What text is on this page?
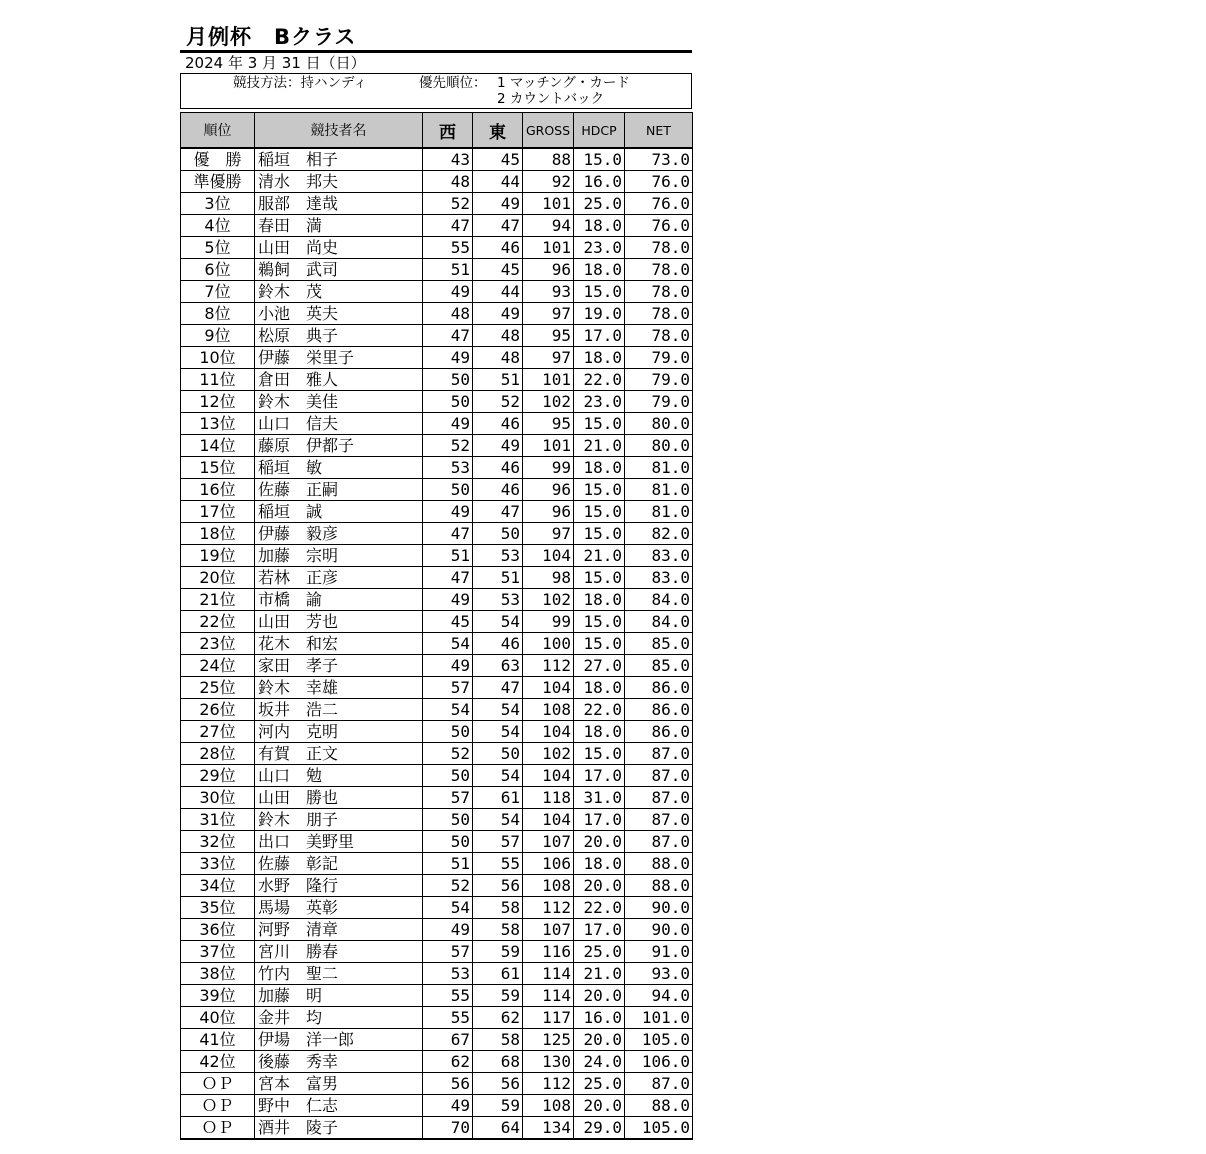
月例杯　Bクラス
2024 年 3 月 31 日（日）
競技方法：持ハンディ	優先順位： 1 マッチング・カード
2 カウントバック
順位	競技者名	西	東	GROSS	HDCP	NET
優　勝	稲垣　相子	43	45	88	15.0	73.0
準優勝	清水　邦夫	48	44	92	16.0	76.0
3位	服部　達哉	52	49	101	25.0	76.0
4位	春田　満	47	47	94	18.0	76.0
5位	山田　尚史	55	46	101	23.0	78.0
6位	鵜飼　武司	51	45	96	18.0	78.0
7位	鈴木　茂	49	44	93	15.0	78.0
8位	小池　英夫	48	49	97	19.0	78.0
9位	松原　典子	47	48	95	17.0	78.0
10位	伊藤　栄里子	49	48	97	18.0	79.0
11位	倉田　雅人	50	51	101	22.0	79.0
12位	鈴木　美佳	50	52	102	23.0	79.0
13位	山口　信夫	49	46	95	15.0	80.0
14位	藤原　伊都子	52	49	101	21.0	80.0
15位	稲垣　敏	53	46	99	18.0	81.0
16位	佐藤　正嗣	50	46	96	15.0	81.0
17位	稲垣　誠	49	47	96	15.0	81.0
18位	伊藤　毅彦	47	50	97	15.0	82.0
19位	加藤　宗明	51	53	104	21.0	83.0
20位	若林　正彦	47	51	98	15.0	83.0
21位	市橋　諭	49	53	102	18.0	84.0
22位	山田　芳也	45	54	99	15.0	84.0
23位	花木　和宏	54	46	100	15.0	85.0
24位	家田　孝子	49	63	112	27.0	85.0
25位	鈴木　幸雄	57	47	104	18.0	86.0
26位	坂井　浩二	54	54	108	22.0	86.0
27位	河内　克明	50	54	104	18.0	86.0
28位	有賀　正文	52	50	102	15.0	87.0
29位	山口　勉	50	54	104	17.0	87.0
30位	山田　勝也	57	61	118	31.0	87.0
31位	鈴木　朋子	50	54	104	17.0	87.0
32位	出口　美野里	50	57	107	20.0	87.0
33位	佐藤　彰記	51	55	106	18.0	88.0
34位	水野　隆行	52	56	108	20.0	88.0
35位	馬場　英彰	54	58	112	22.0	90.0
36位	河野　清章	49	58	107	17.0	90.0
37位	宮川　勝春	57	59	116	25.0	91.0
38位	竹内　聖二	53	61	114	21.0	93.0
39位	加藤　明	55	59	114	20.0	94.0
40位	金井　均	55	62	117	16.0	101.0
41位	伊場　洋一郎	67	58	125	20.0	105.0
42位	後藤　秀幸	62	68	130	24.0	106.0
ＯＰ	宮本　富男	56	56	112	25.0	87.0
ＯＰ	野中　仁志	49	59	108	20.0	88.0
ＯＰ	酒井　陵子	70	64	134	29.0	105.0
